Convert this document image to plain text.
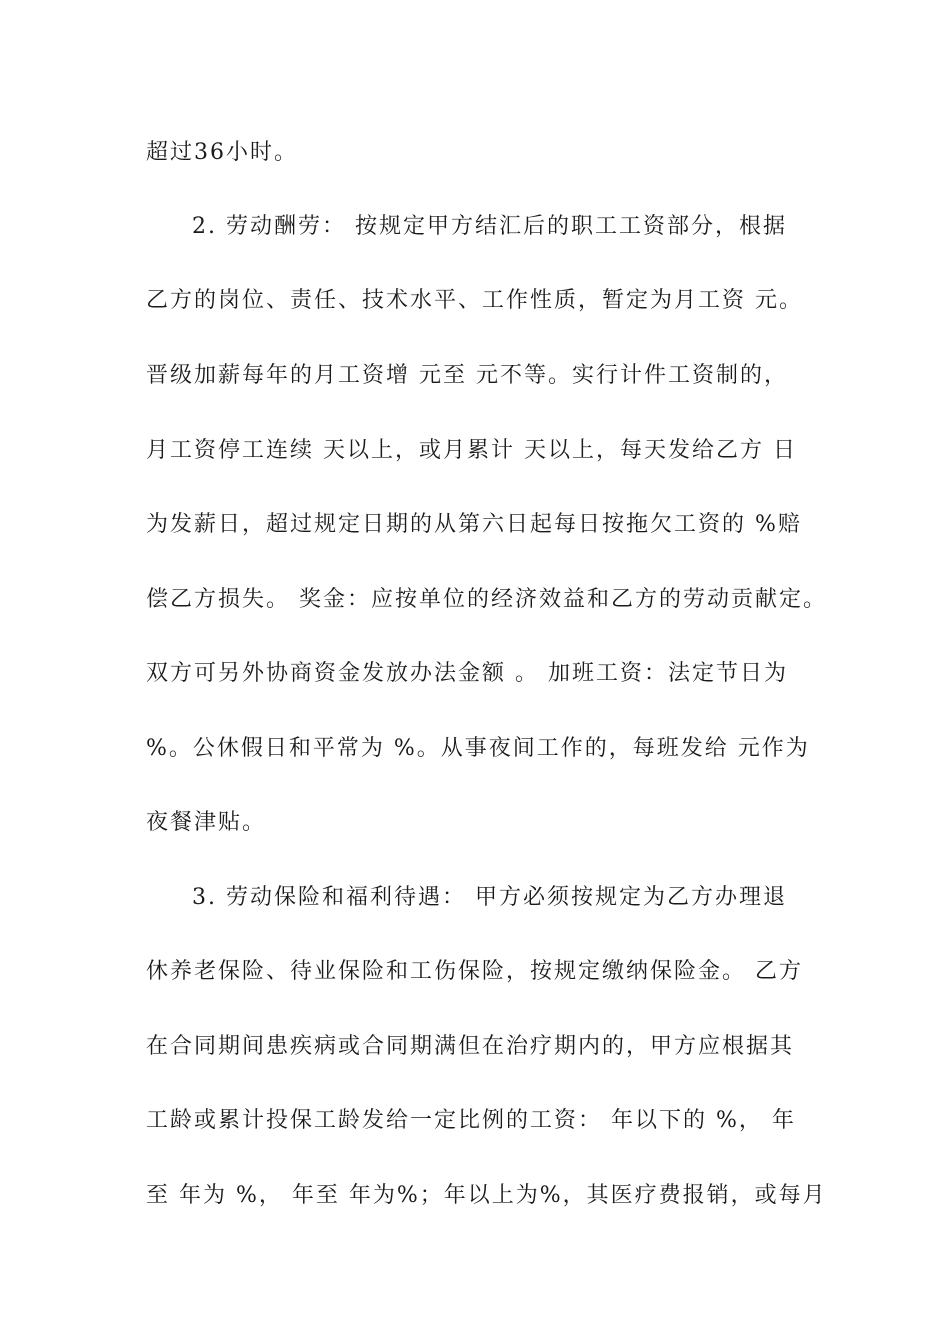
超过36小时。

2. 劳动酬劳： 按规定甲方结汇后的职工工资部分，根据

乙方的岗位、责任、技术水平、工作性质，暂定为月工资 元。

晋级加薪每年的月工资增 元至 元不等。实行计件工资制的，

月工资停工连续 天以上，或月累计 天以上，每天发给乙方 日

为发薪日，超过规定日期的从第六日起每日按拖欠工资的 %赔

偿乙方损失。 奖金：应按单位的经济效益和乙方的劳动贡献定。

双方可另外协商资金发放办法金额 。 加班工资：法定节日为

%。公休假日和平常为 %。从事夜间工作的，每班发给 元作为

夜餐津贴。

3. 劳动保险和福利待遇： 甲方必须按规定为乙方办理退

休养老保险、待业保险和工伤保险，按规定缴纳保险金。 乙方

在合同期间患疾病或合同期满但在治疗期内的，甲方应根据其

工龄或累计投保工龄发给一定比例的工资： 年以下的 %， 年

至 年为 %， 年至 年为%；年以上为%，其医疗费报销，或每月
